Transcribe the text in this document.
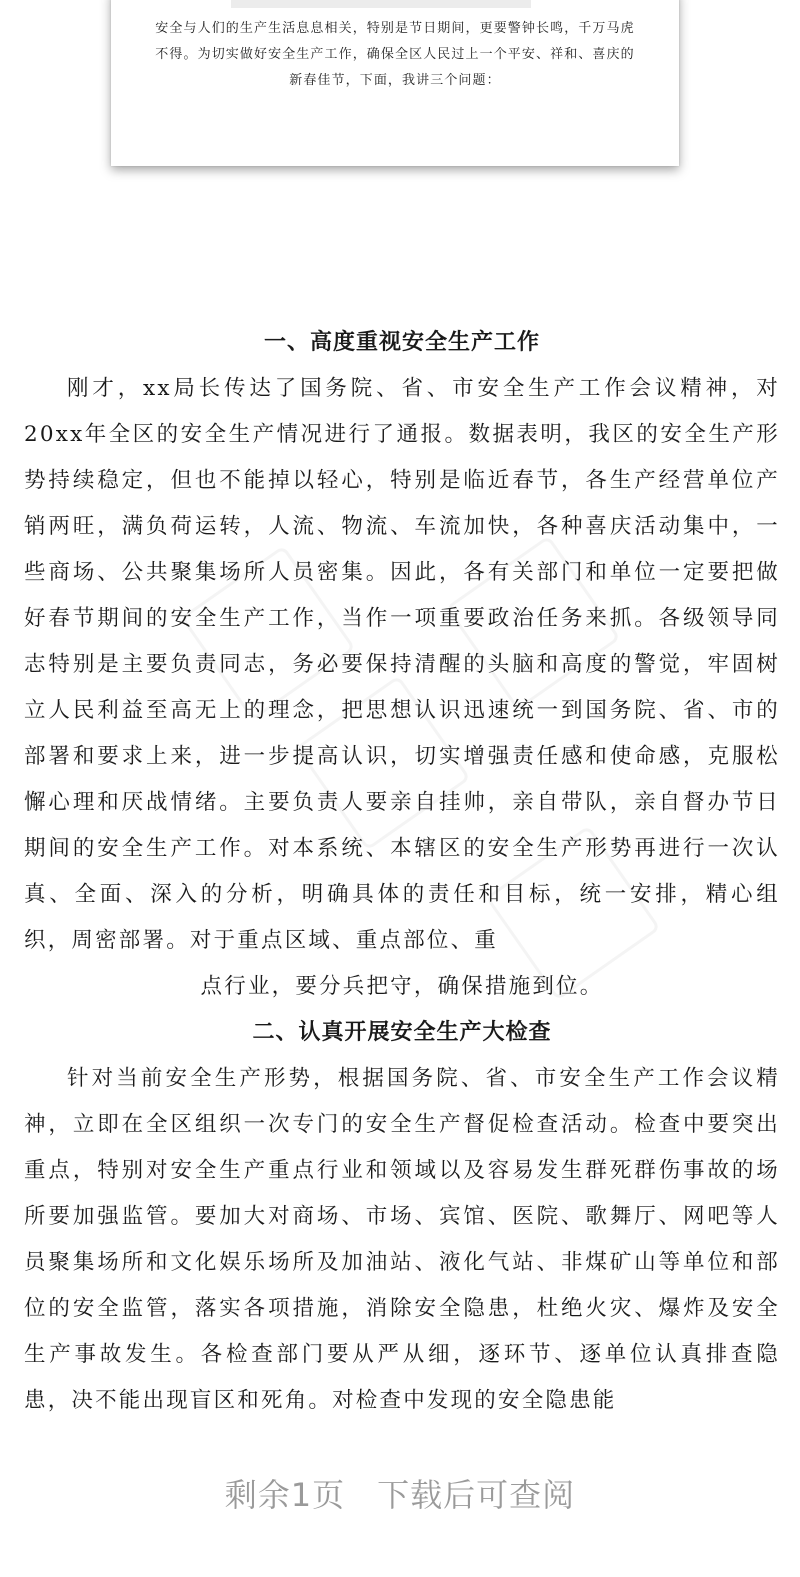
安全与人们的生产生活息息相关，特别是节日期间，更要警钟长鸣，千万马虎不得。为切实做好安全生产工作，确保全区人民过上一个平安、祥和、喜庆的新春佳节，下面，我讲三个问题：

一、高度重视安全生产工作

刚才，xx局长传达了国务院、省、市安全生产工作会议精神，对20xx年全区的安全生产情况进行了通报。数据表明，我区的安全生产形势持续稳定，但也不能掉以轻心，特别是临近春节，各生产经营单位产销两旺，满负荷运转，人流、物流、车流加快，各种喜庆活动集中，一些商场、公共聚集场所人员密集。因此，各有关部门和单位一定要把做好春节期间的安全生产工作，当作一项重要政治任务来抓。各级领导同志特别是主要负责同志，务必要保持清醒的头脑和高度的警觉，牢固树立人民利益至高无上的理念，把思想认识迅速统一到国务院、省、市的部署和要求上来，进一步提高认识，切实增强责任感和使命感，克服松懈心理和厌战情绪。主要负责人要亲自挂帅，亲自带队，亲自督办节日期间的安全生产工作。对本系统、本辖区的安全生产形势再进行一次认真、全面、深入的分析，明确具体的责任和目标，统一安排，精心组织，周密部署。对于重点区域、重点部位、重
点行业，要分兵把守，确保措施到位。

二、认真开展安全生产大检查

针对当前安全生产形势，根据国务院、省、市安全生产工作会议精神，立即在全区组织一次专门的安全生产督促检查活动。检查中要突出重点，特别对安全生产重点行业和领域以及容易发生群死群伤事故的场所要加强监管。要加大对商场、市场、宾馆、医院、歌舞厅、网吧等人员聚集场所和文化娱乐场所及加油站、液化气站、非煤矿山等单位和部位的安全监管，落实各项措施，消除安全隐患，杜绝火灾、爆炸及安全生产事故发生。各检查部门要从严从细，逐环节、逐单位认真排查隐患，决不能出现盲区和死角。对检查中发现的安全隐患能

剩余1页 下载后可查阅
